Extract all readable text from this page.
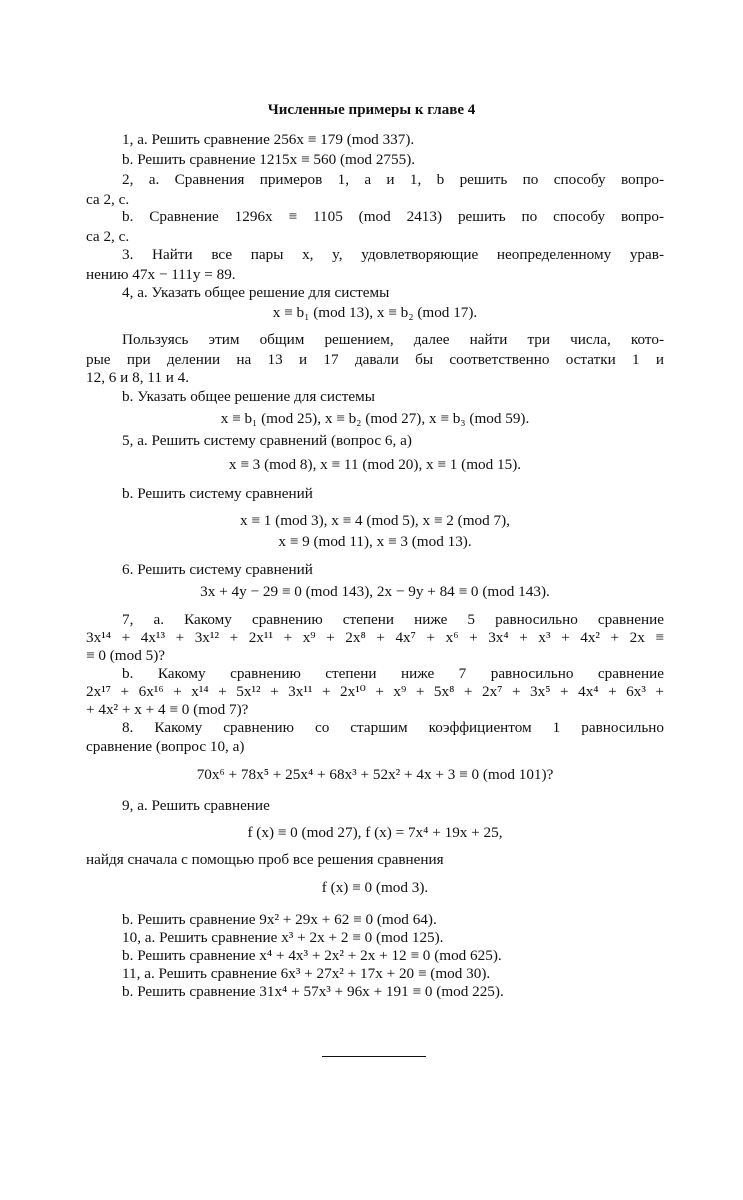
Численные примеры к главе 4
1, а. Решить сравнение 256x ≡ 179 (mod 337).
b. Решить сравнение 1215x ≡ 560 (mod 2755).
2, а. Сравнения примеров 1, а и 1, b решить по способу вопро-
са 2, с.
b. Сравнение 1296x ≡ 1105 (mod 2413) решить по способу вопро-
са 2, с.
3. Найти все пары x, y, удовлетворяющие неопределенному урав-
нению 47x − 111y = 89.
4, а. Указать общее решение для системы
x ≡ b₁ (mod 13), x ≡ b₂ (mod 17).
Пользуясь этим общим решением, далее найти три числа, кото-
рые при делении на 13 и 17 давали бы соответственно остатки 1 и
12, 6 и 8, 11 и 4.
b. Указать общее решение для системы
x ≡ b₁ (mod 25), x ≡ b₂ (mod 27), x ≡ b₃ (mod 59).
5, а. Решить систему сравнений (вопрос 6, а)
x ≡ 3 (mod 8), x ≡ 11 (mod 20), x ≡ 1 (mod 15).
b. Решить систему сравнений
x ≡ 1 (mod 3), x ≡ 4 (mod 5), x ≡ 2 (mod 7),
x ≡ 9 (mod 11), x ≡ 3 (mod 13).
6. Решить систему сравнений
3x + 4y − 29 ≡ 0 (mod 143), 2x − 9y + 84 ≡ 0 (mod 143).
7, а. Какому сравнению степени ниже 5 равносильно сравнение
3x¹⁴ + 4x¹³ + 3x¹² + 2x¹¹ + x⁹ + 2x⁸ + 4x⁷ + x⁶ + 3x⁴ + x³ + 4x² + 2x ≡
≡ 0 (mod 5)?
b. Какому сравнению степени ниже 7 равносильно сравнение
2x¹⁷ + 6x¹⁶ + x¹⁴ + 5x¹² + 3x¹¹ + 2x¹⁰ + x⁹ + 5x⁸ + 2x⁷ + 3x⁵ + 4x⁴ + 6x³ +
+ 4x² + x + 4 ≡ 0 (mod 7)?
8. Какому сравнению со старшим коэффициентом 1 равносильно
сравнение (вопрос 10, а)
70x⁶ + 78x⁵ + 25x⁴ + 68x³ + 52x² + 4x + 3 ≡ 0 (mod 101)?
9, а. Решить сравнение
f (x) ≡ 0 (mod 27), f (x) = 7x⁴ + 19x + 25,
найдя сначала с помощью проб все решения сравнения
f (x) ≡ 0 (mod 3).
b. Решить сравнение 9x² + 29x + 62 ≡ 0 (mod 64).
10, а. Решить сравнение x³ + 2x + 2 ≡ 0 (mod 125).
b. Решить сравнение x⁴ + 4x³ + 2x² + 2x + 12 ≡ 0 (mod 625).
11, а. Решить сравнение 6x³ + 27x² + 17x + 20 ≡ (mod 30).
b. Решить сравнение 31x⁴ + 57x³ + 96x + 191 ≡ 0 (mod 225).
